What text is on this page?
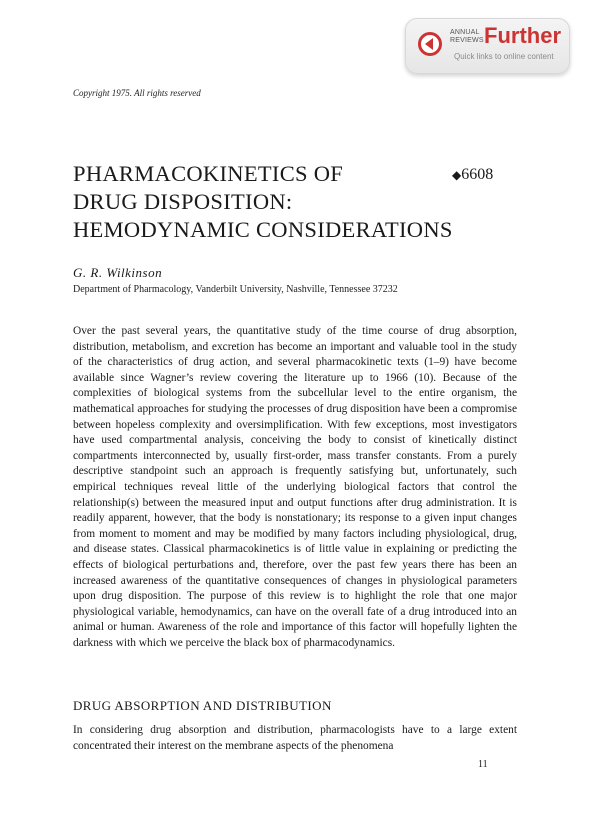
ANNUAL
REVIEWS Further
Quick links to online content
Copyright 1975. All rights reserved
PHARMACOKINETICS OF
DRUG DISPOSITION:
HEMODYNAMIC CONSIDERATIONS
◆6608
G. R. Wilkinson
Department of Pharmacology, Vanderbilt University, Nashville, Tennessee 37232
Over the past several years, the quantitative study of the time course of drug absorption, distribution, metabolism, and excretion has become an important and valuable tool in the study of the characteristics of drug action, and several pharmacokinetic texts (1–9) have become available since Wagner’s review covering the literature up to 1966 (10). Because of the complexities of biological systems from the subcellular level to the entire organism, the mathematical approaches for studying the processes of drug disposition have been a compromise between hopeless complexity and oversimplification. With few exceptions, most investigators have used compartmental analysis, conceiving the body to consist of kinetically distinct compartments interconnected by, usually first-order, mass transfer constants. From a purely descriptive standpoint such an approach is frequently satisfying but, unfortunately, such empirical techniques reveal little of the underlying biological factors that control the relationship(s) between the measured input and output functions after drug administration. It is readily apparent, however, that the body is nonstationary; its response to a given input changes from moment to moment and may be modified by many factors including physiological, drug, and disease states. Classical pharmacokinetics is of little value in explaining or predicting the effects of biological perturbations and, therefore, over the past few years there has been an increased awareness of the quantitative consequences of changes in physiological parameters upon drug disposition. The purpose of this review is to highlight the role that one major physiological variable, hemodynamics, can have on the overall fate of a drug introduced into an animal or human. Awareness of the role and importance of this factor will hopefully lighten the darkness with which we perceive the black box of pharmacodynamics.
DRUG ABSORPTION AND DISTRIBUTION
In considering drug absorption and distribution, pharmacologists have to a large extent concentrated their interest on the membrane aspects of the phenomena
11
